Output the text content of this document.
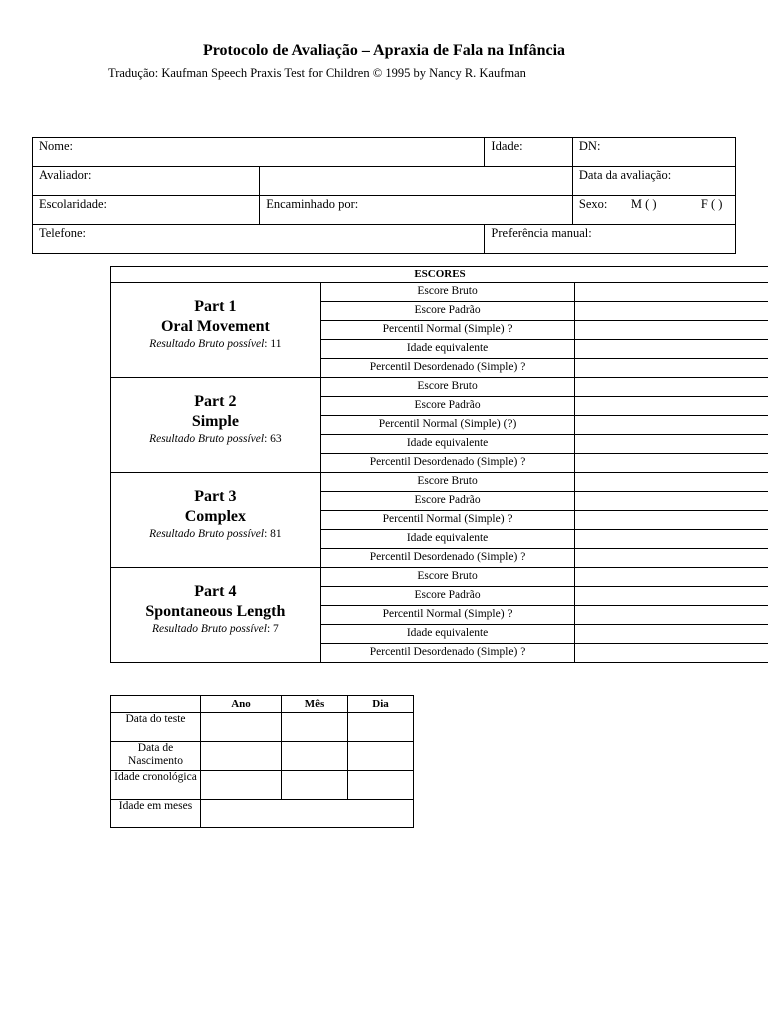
Protocolo de Avaliação – Apraxia de Fala na Infância
Tradução: Kaufman Speech Praxis Test for Children © 1995 by Nancy R. Kaufman
Nome:		Idade:	DN:
Avaliador:			Data da avaliação:
Escolaridade:	Encaminhado por:		Sexo: M ( ) F ( )
Telefone:		Preferência manual:	
ESCORES		

Part 1
Oral Movement
Resultado Bruto possível: 11	Escore Bruto	
	Escore Padrão	
	Percentil Normal (Simple) ?	
	Idade equivalente	
	Percentil Desordenado (Simple) ?	

Part 2
Simple
Resultado Bruto possível: 63	Escore Bruto	
	Escore Padrão	
	Percentil Normal (Simple) (?)	
	Idade equivalente	
	Percentil Desordenado (Simple) ?	

Part 3
Complex
Resultado Bruto possível: 81	Escore Bruto	
	Escore Padrão	
	Percentil Normal (Simple) ?	
	Idade equivalente	
	Percentil Desordenado (Simple) ?	

Part 4
Spontaneous Length
Resultado Bruto possível: 7	Escore Bruto	
	Escore Padrão	
	Percentil Normal (Simple) ?	
	Idade equivalente	
	Percentil Desordenado (Simple) ?	
	Ano	Mês	Dia
Data do teste			
Data de Nascimento			
Idade cronológica			
Idade em meses			
